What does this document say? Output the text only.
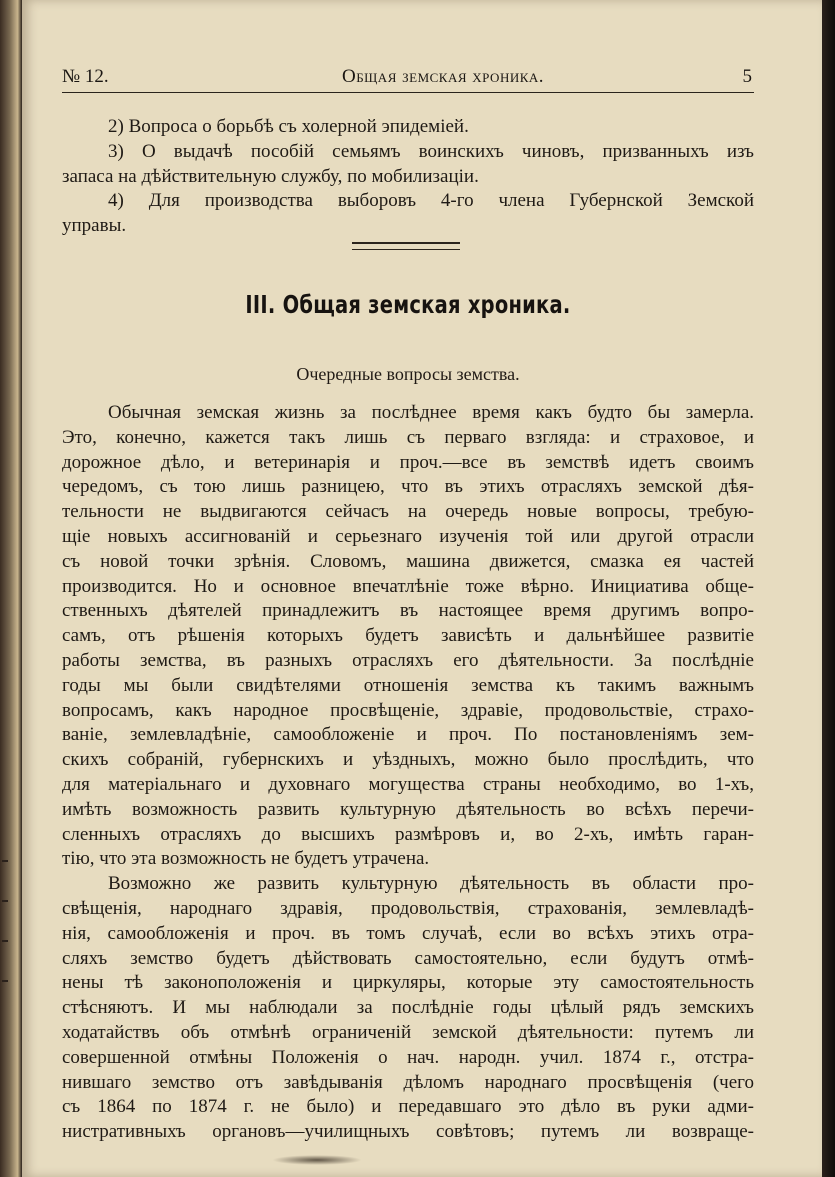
№ 12.	Общая земская хроника.	5
2) Вопроса о борьбѣ съ холерной эпидеміей.
3) О выдачѣ пособій семьямъ воинскихъ чиновъ, призванныхъ изъ
запаса на дѣйствительную службу, по мобилизаціи.
4) Для производства выборовъ 4-го члена Губернской Земской
управы.
III. Общая земская хроника.
Очередные вопросы земства.
Обычная земская жизнь за послѣднее время какъ будто бы замерла.
Это, конечно, кажется такъ лишь съ перваго взгляда: и страховое, и
дорожное дѣло, и ветеринарія и проч.—все въ земствѣ идетъ своимъ
чередомъ, съ тою лишь разницею, что въ этихъ отрасляхъ земской дѣя-
тельности не выдвигаются сейчасъ на очередь новые вопросы, требую-
щіе новыхъ ассигнованій и серьезнаго изученія той или другой отрасли
съ новой точки зрѣнія. Словомъ, машина движется, смазка ея частей
производится. Но и основное впечатлѣніе тоже вѣрно. Инициатива обще-
ственныхъ дѣятелей принадлежитъ въ настоящее время другимъ вопро-
самъ, отъ рѣшенія которыхъ будетъ зависѣть и дальнѣйшее развитіе
работы земства, въ разныхъ отрасляхъ его дѣятельности. За послѣдніе
годы мы были свидѣтелями отношенія земства къ такимъ важнымъ
вопросамъ, какъ народное просвѣщеніе, здравіе, продовольствіе, страхо-
ваніе, землевладѣніе, самообложеніе и проч. По постановленіямъ зем-
скихъ собраній, губернскихъ и уѣздныхъ, можно было прослѣдить, что
для матеріальнаго и духовнаго могущества страны необходимо, во 1-хъ,
имѣть возможность развить культурную дѣятельность во всѣхъ перечи-
сленныхъ отрасляхъ до высшихъ размѣровъ и, во 2-хъ, имѣть гаран-
тію, что эта возможность не будетъ утрачена.
Возможно же развить культурную дѣятельность въ области про-
свѣщенія, народнаго здравія, продовольствія, страхованія, землевладѣ-
нія, самообложенія и проч. въ томъ случаѣ, если во всѣхъ этихъ отра-
сляхъ земство будетъ дѣйствовать самостоятельно, если будутъ отмѣ-
нены тѣ законоположенія и циркуляры, которые эту самостоятельность
стѣсняютъ. И мы наблюдали за послѣдніе годы цѣлый рядъ земскихъ
ходатайствъ объ отмѣнѣ ограниченій земской дѣятельности: путемъ ли
совершенной отмѣны Положенія о нач. народн. учил. 1874 г., отстра-
нившаго земство отъ завѣдыванія дѣломъ народнаго просвѣщенія (чего
съ 1864 по 1874 г. не было) и передавшаго это дѣло въ руки адми-
нистративныхъ органовъ—училищныхъ совѣтовъ; путемъ ли возвраще-
